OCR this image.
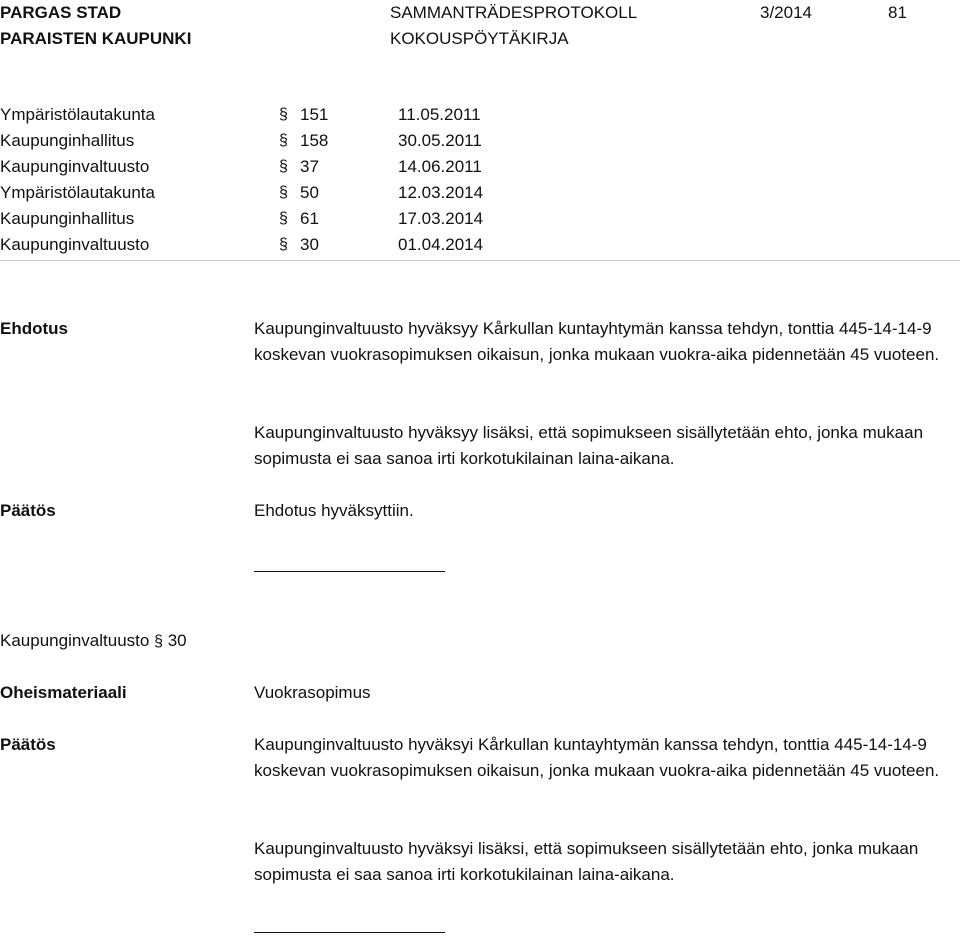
PARGAS STAD
PARAISTEN KAUPUNKI
SAMMANTRÄDESPROTOKOLL
KOKOUSPÖYTÄKIRJA
3/2014	81
Ympäristölautakunta	§ 151	11.05.2011
Kaupunginhallitus	§ 158	30.05.2011
Kaupunginvaltuusto	§ 37	14.06.2011
Ympäristölautakunta	§ 50	12.03.2014
Kaupunginhallitus	§ 61	17.03.2014
Kaupunginvaltuusto	§ 30	01.04.2014
Ehdotus	Kaupunginvaltuusto hyväksyy Kårkullan kuntayhtymän kanssa tehdyn, tonttia 445-14-14-9 koskevan vuokrasopimuksen oikaisun, jonka mukaan vuokra-aika pidennetään 45 vuoteen.

Kaupunginvaltuusto hyväksyy lisäksi, että sopimukseen sisällytetään ehto, jonka mukaan sopimusta ei saa sanoa irti korkotukilainan laina-aikana.

Päätös	Ehdotus hyväksyttiin.
Kaupunginvaltuusto § 30
Oheismateriaali	Vuokrasopimus
Päätös	Kaupunginvaltuusto hyväksyi Kårkullan kuntayhtymän kanssa tehdyn, tonttia 445-14-14-9 koskevan vuokrasopimuksen oikaisun, jonka mukaan vuokra-aika pidennetään 45 vuoteen.

Kaupunginvaltuusto hyväksyi lisäksi, että sopimukseen sisällytetään ehto, jonka mukaan sopimusta ei saa sanoa irti korkotukilainan laina-aikana.
